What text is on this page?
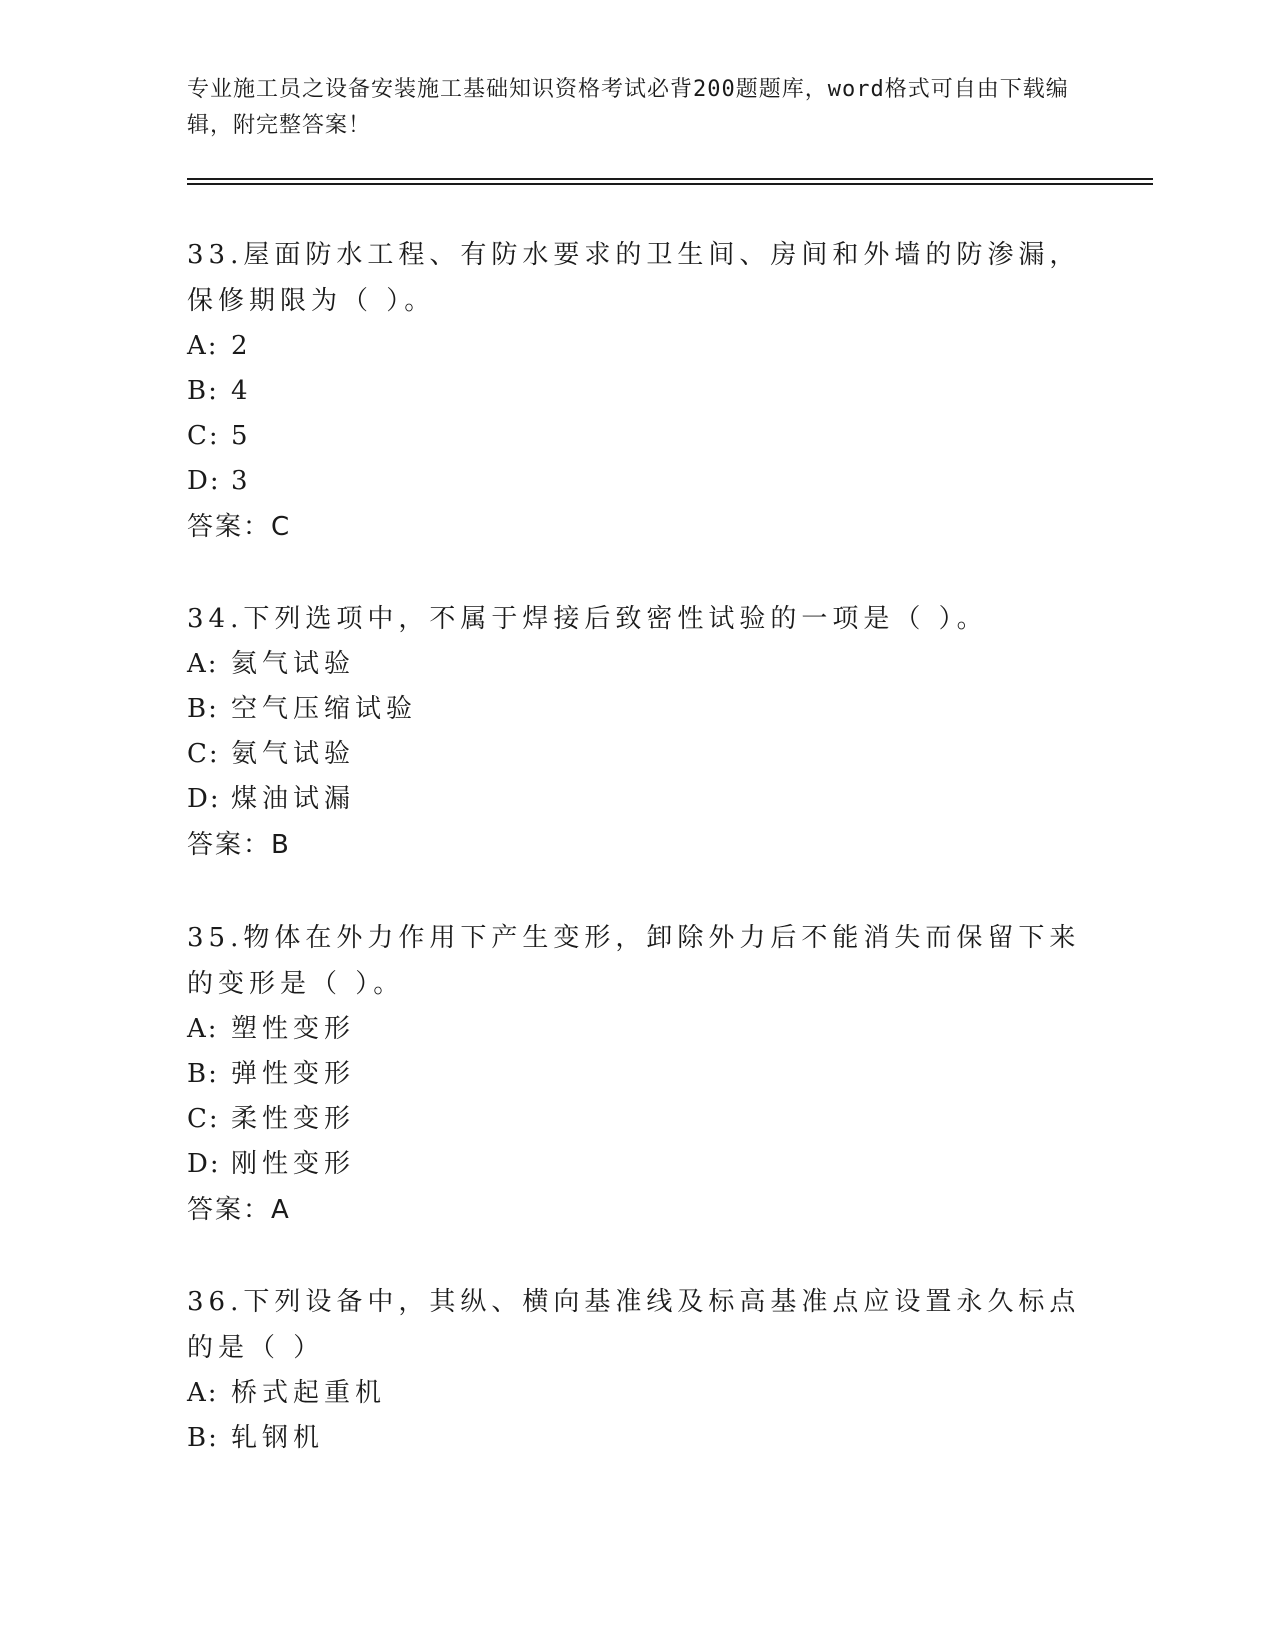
专业施工员之设备安装施工基础知识资格考试必背200题题库，word格式可自由下载编辑，附完整答案！

33.屋面防水工程、有防水要求的卫生间、房间和外墙的防渗漏，保修期限为（ ）。

A: 2

B: 4

C: 5

D: 3

答案：C

34.下列选项中，不属于焊接后致密性试验的一项是（ ）。

A: 氦气试验

B: 空气压缩试验

C: 氨气试验

D: 煤油试漏

答案：B

35.物体在外力作用下产生变形，卸除外力后不能消失而保留下来的变形是（ ）。

A: 塑性变形

B: 弹性变形

C: 柔性变形

D: 刚性变形

答案：A

36.下列设备中，其纵、横向基准线及标高基准点应设置永久标点的是（ ）

A: 桥式起重机

B: 轧钢机
